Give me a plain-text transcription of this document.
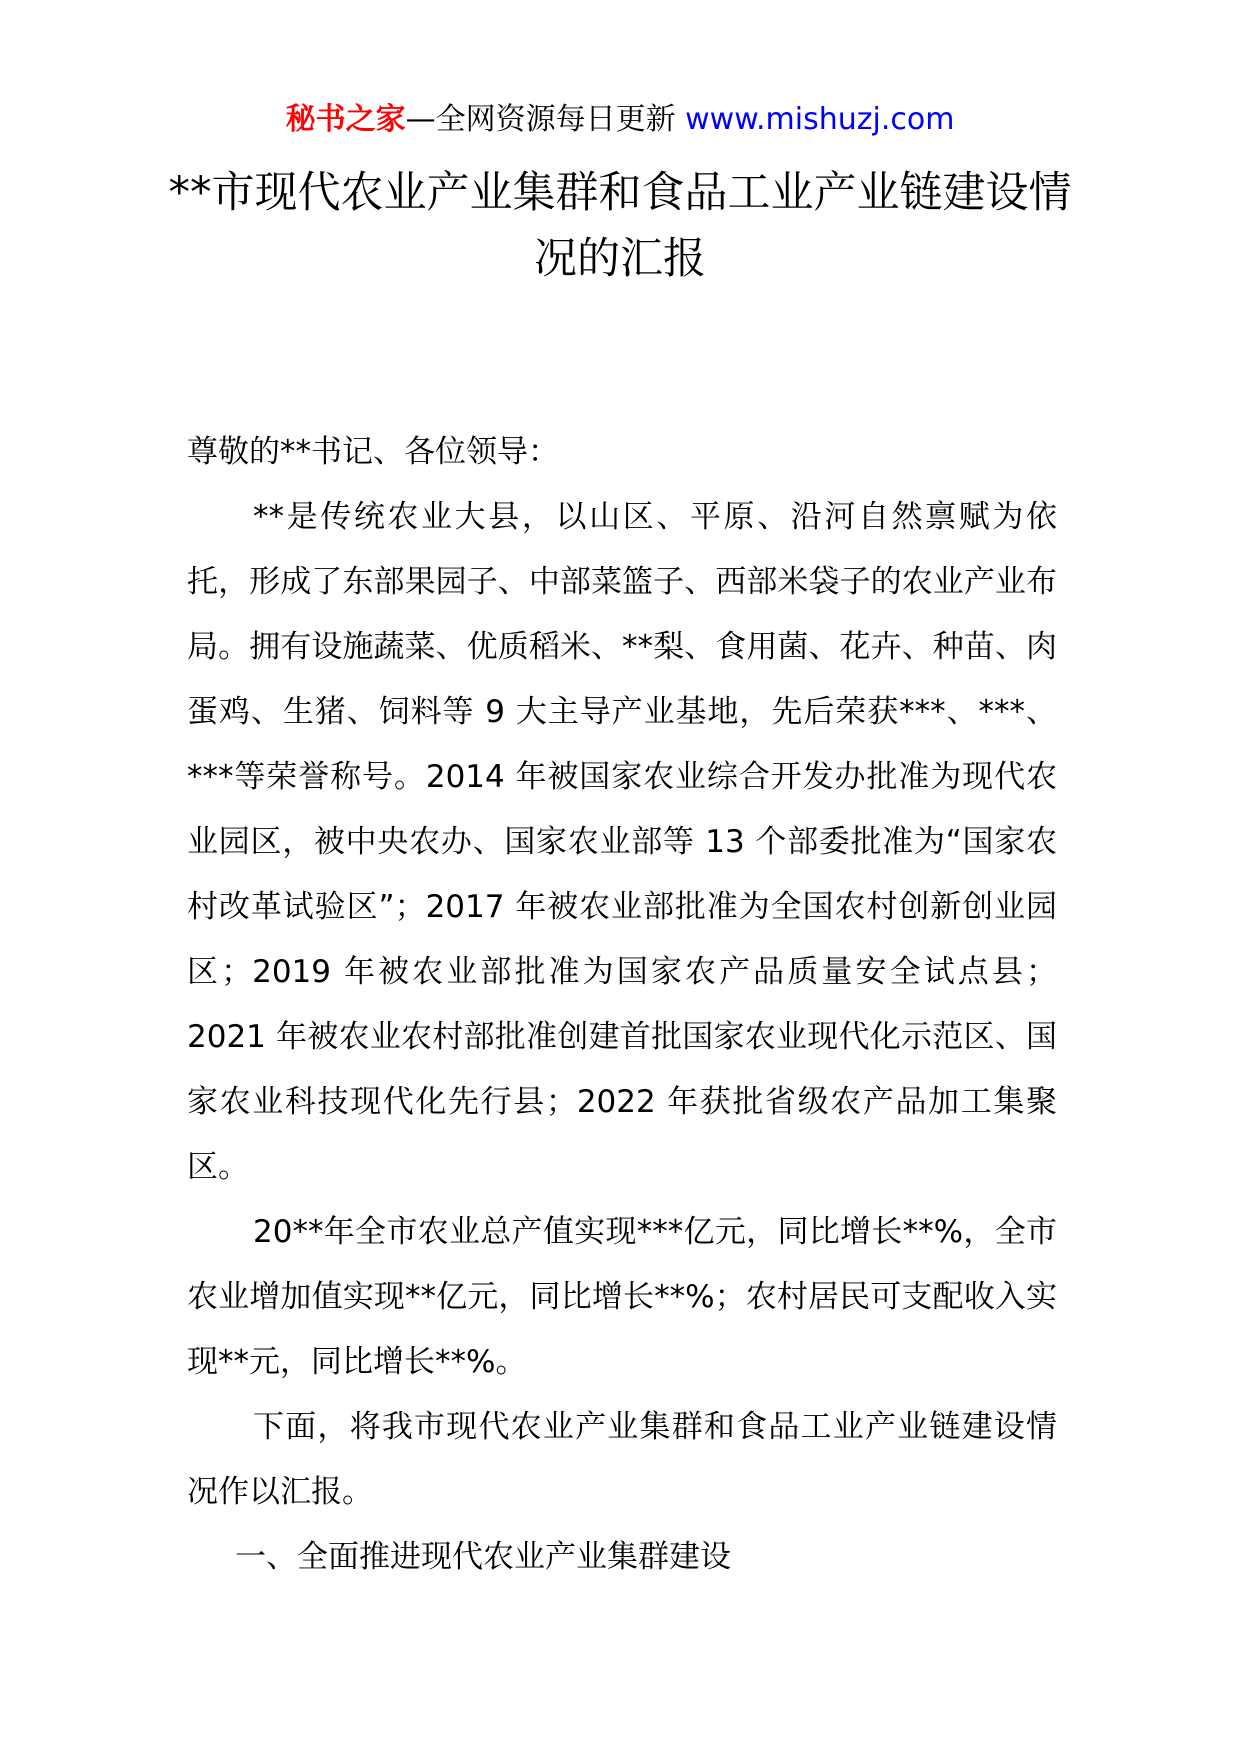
秘书之家—全网资源每日更新 www.mishuzj.com
**市现代农业产业集群和食品工业产业链建设情况的汇报

尊敬的**书记、各位领导：

**是传统农业大县，以山区、平原、沿河自然禀赋为依托，形成了东部果园子、中部菜篮子、西部米袋子的农业产业布局。拥有设施蔬菜、优质稻米、**梨、食用菌、花卉、种苗、肉蛋鸡、生猪、饲料等 9 大主导产业基地，先后荣获***、***、***等荣誉称号。2014 年被国家农业综合开发办批准为现代农业园区，被中央农办、国家农业部等 13 个部委批准为“国家农村改革试验区”；2017 年被农业部批准为全国农村创新创业园区；2019 年被农业部批准为国家农产品质量安全试点县；2021 年被农业农村部批准创建首批国家农业现代化示范区、国家农业科技现代化先行县；2022 年获批省级农产品加工集聚区。

20**年全市农业总产值实现***亿元，同比增长**%，全市农业增加值实现**亿元，同比增长**%；农村居民可支配收入实现**元，同比增长**%。

下面，将我市现代农业产业集群和食品工业产业链建设情况作以汇报。

一、全面推进现代农业产业集群建设
